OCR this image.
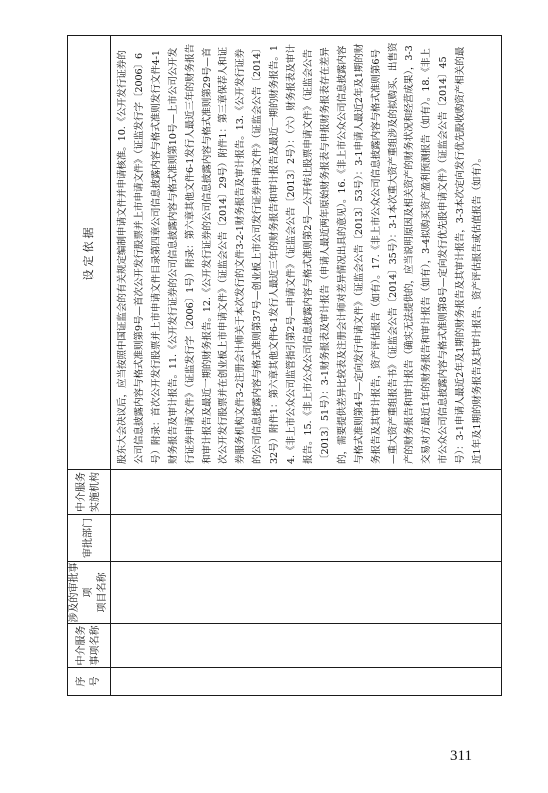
序 号	中介服务 事项名称	涉及的审批事项 项目名称	审批部门	中介服务 实施机构	设定依据
					股东大会决议后，应当按照中国证监会的有关规定编制申请文件并申请核准。10.《公开发行证券的公司信息披露内容与格式准则第9号—首次公开发行股票并上市申请文件》（证监发行字〔2006〕6号）附录：首次公开发行股票并上市申请文件目录第四章公司信息披露内容与格式准则发行文件4-1财务报告及审计报告。11.《公开发行证券的公司信息披露内容与格式准则第10号—上市公司公开发行证券申请文件》（证监发行字〔2006〕1号）附录：第六章其他文件6-1发行人最近三年的财务报告和审计报告及最近一期的财务报告。12.《公开发行证券的公司信息披露内容与格式准则第29号—首次公开发行股票并在创业板上市申请文件》（证监会公告〔2014〕29号）附件1：第三章保荐人和证券服务机构文件3-2注册会计师关于本次发行的文件3-2-1财务报告及审计报告。13.《公开发行证券的公司信息披露内容与格式准则第37号—创业板上市公司发行证券申请文件》（证监会公告〔2014〕32号）附件1：第六章其他文件6-1发行人最近三年的财务报告和审计报告及最近一期的财务报告。14.《非上市公众公司监管指引第2号—申请文件》（证监会公告〔2013〕2号）：（六）财务报表及审计报告。15.《非上市公众公司信息披露内容与格式准则第2号—公开转让股票申请文件》（证监会公告〔2013〕51号）：3-1财务报表及审计报告（申请人最近两年原始财务报表与申报财务报表存在差异的，需要提供差异比较表及注册会计师对差异情况出具的意见）。16.《非上市公众公司信息披露内容与格式准则第4号—定向发行申请文件》（证监会公告〔2013〕53号）：3-1申请人最近2年及1期的财务报告及其审计报告，资产评估报告（如有）。17.《非上市公众公司信息披露内容与格式准则第6号—重大资产重组报告书》（证监会公告〔2014〕35号）：3-1本次重大资产重组涉及的拟购买、出售资产的财务报告和审计报告（确实无法提供的，应当说明原因及相关资产的财务状况和经营成果），3-3交易对方最近1年的财务报告和审计报告（如有），3-4拟购买资产盈利预测报告（如有）。18.《非上市公众公司信息披露内容与格式准则第8号—定向发行优先股申请文件》（证监会公告〔2014〕45号）：3-1申请人最近2年及1期的财务报告及其审计报告，3-3本次定向发行优先股收购资产相关的最近1年及1期的财务报告及其审计报告、资产评估报告或估值报告（如有）。
311
